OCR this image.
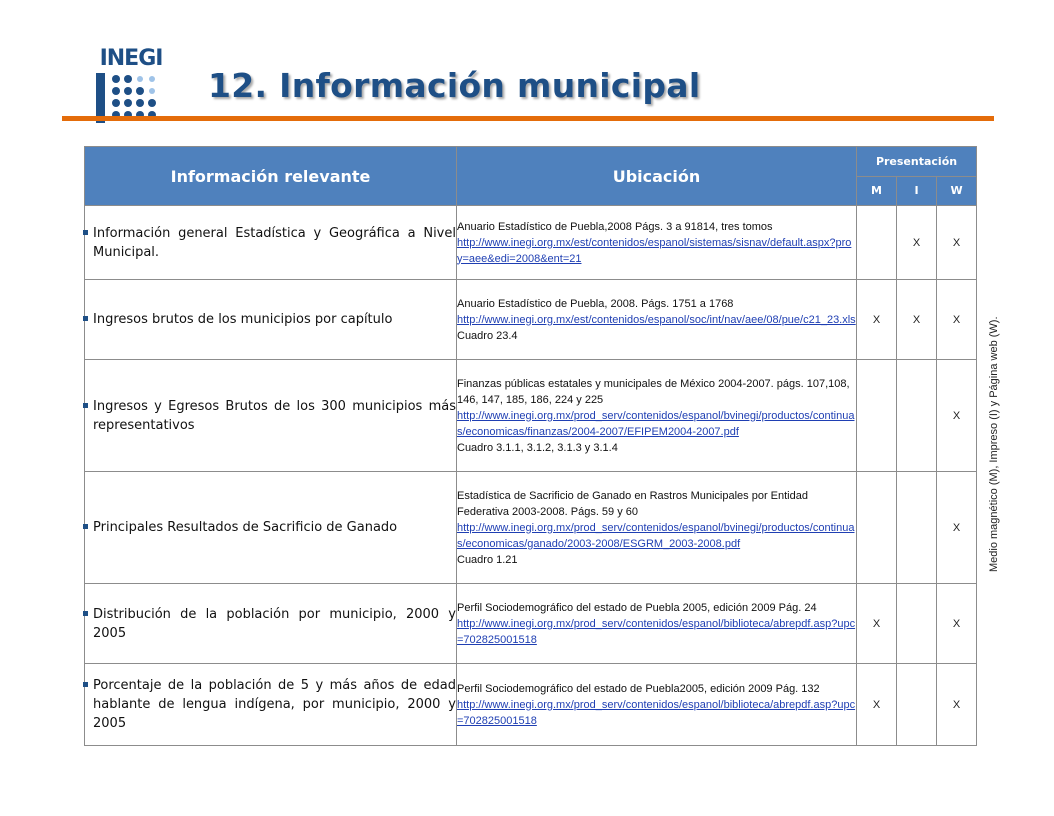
INEGI
12. Información municipal
Medio magnético (M), Impreso (I) y Página web (W).
Información relevante	Ubicación	Presentación		
		M	I	W

Información general Estadística y Geográfica a Nivel Municipal.	Anuario Estadístico de Puebla,2008 Págs. 3 a 91814, tres tomos
http://www.inegi.org.mx/est/contenidos/espanol/sistemas/sisnav/default.aspx?proy=aee&edi=2008&ent=21		X	X

Ingresos brutos de los municipios por capítulo	Anuario Estadístico de Puebla, 2008. Págs. 1751 a 1768
http://www.inegi.org.mx/est/contenidos/espanol/soc/int/nav/aee/08/pue/c21_23.xls
Cuadro 23.4	X	X	X

Ingresos y Egresos Brutos de los 300 municipios más representativos	Finanzas públicas estatales y municipales de México 2004-2007. págs. 107,108, 146, 147, 185, 186, 224 y 225
http://www.inegi.org.mx/prod_serv/contenidos/espanol/bvinegi/productos/continuas/economicas/finanzas/2004-2007/EFIPEM2004-2007.pdf
Cuadro 3.1.1, 3.1.2, 3.1.3 y 3.1.4			X

Principales Resultados de Sacrificio de Ganado	Estadística de Sacrificio de Ganado en Rastros Municipales por Entidad Federativa 2003-2008. Págs. 59 y 60
http://www.inegi.org.mx/prod_serv/contenidos/espanol/bvinegi/productos/continuas/economicas/ganado/2003-2008/ESGRM_2003-2008.pdf
Cuadro 1.21			X

Distribución de la población por municipio, 2000 y 2005	Perfil Sociodemográfico del estado de Puebla 2005, edición 2009 Pág. 24
http://www.inegi.org.mx/prod_serv/contenidos/espanol/biblioteca/abrepdf.asp?upc=702825001518	X		X

Porcentaje de la población de 5 y más años de edad hablante de lengua indígena, por municipio, 2000 y 2005	Perfil Sociodemográfico del estado de Puebla2005, edición 2009 Pág. 132
http://www.inegi.org.mx/prod_serv/contenidos/espanol/biblioteca/abrepdf.asp?upc=702825001518	X		X
